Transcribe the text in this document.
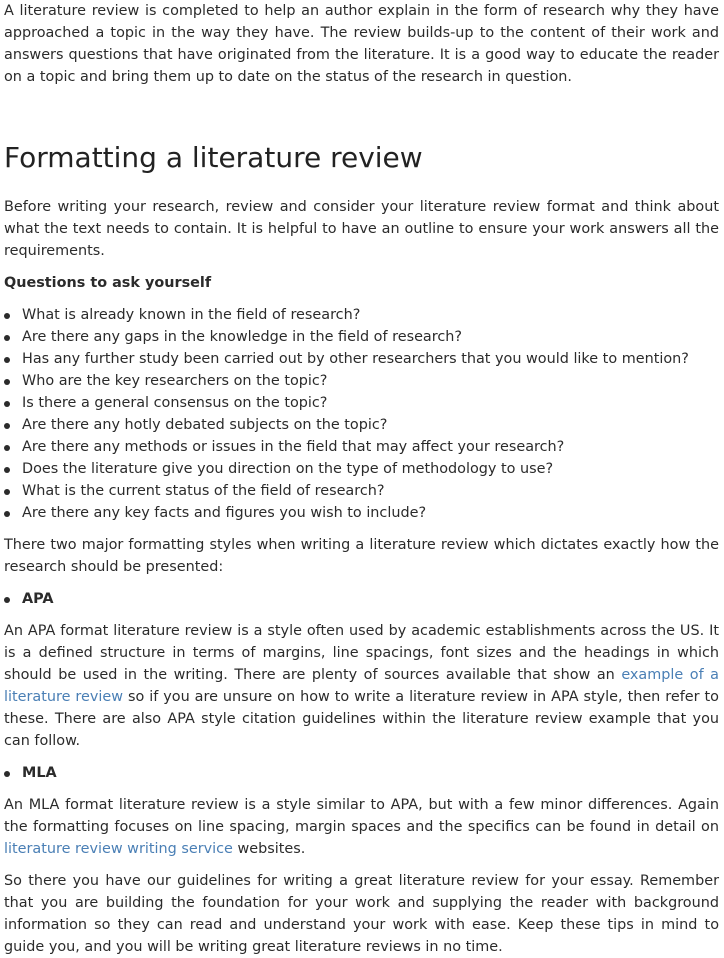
A literature review is completed to help an author explain in the form of research why they have approached a topic in the way they have. The review builds-up to the content of their work and answers questions that have originated from the literature. It is a good way to educate the reader on a topic and bring them up to date on the status of the research in question.

Formatting a literature review

Before writing your research, review and consider your literature review format and think about what the text needs to contain. It is helpful to have an outline to ensure your work answers all the requirements.

Questions to ask yourself
What is already known in the field of research?
Are there any gaps in the knowledge in the field of research?
Has any further study been carried out by other researchers that you would like to mention?
Who are the key researchers on the topic?
Is there a general consensus on the topic?
Are there any hotly debated subjects on the topic?
Are there any methods or issues in the field that may affect your research?
Does the literature give you direction on the type of methodology to use?
What is the current status of the field of research?
Are there any key facts and figures you wish to include?

There two major formatting styles when writing a literature review which dictates exactly how the research should be presented:

APA

An APA format literature review is a style often used by academic establishments across the US. It is a defined structure in terms of margins, line spacings, font sizes and the headings in which should be used in the writing. There are plenty of sources available that show an example of a literature review so if you are unsure on how to write a literature review in APA style, then refer to these. There are also APA style citation guidelines within the literature review example that you can follow.

MLA

An MLA format literature review is a style similar to APA, but with a few minor differences. Again the formatting focuses on line spacing, margin spaces and the specifics can be found in detail on literature review writing service websites.

So there you have our guidelines for writing a great literature review for your essay. Remember that you are building the foundation for your work and supplying the reader with background information so they can read and understand your work with ease. Keep these tips in mind to guide you, and you will be writing great literature reviews in no time.
